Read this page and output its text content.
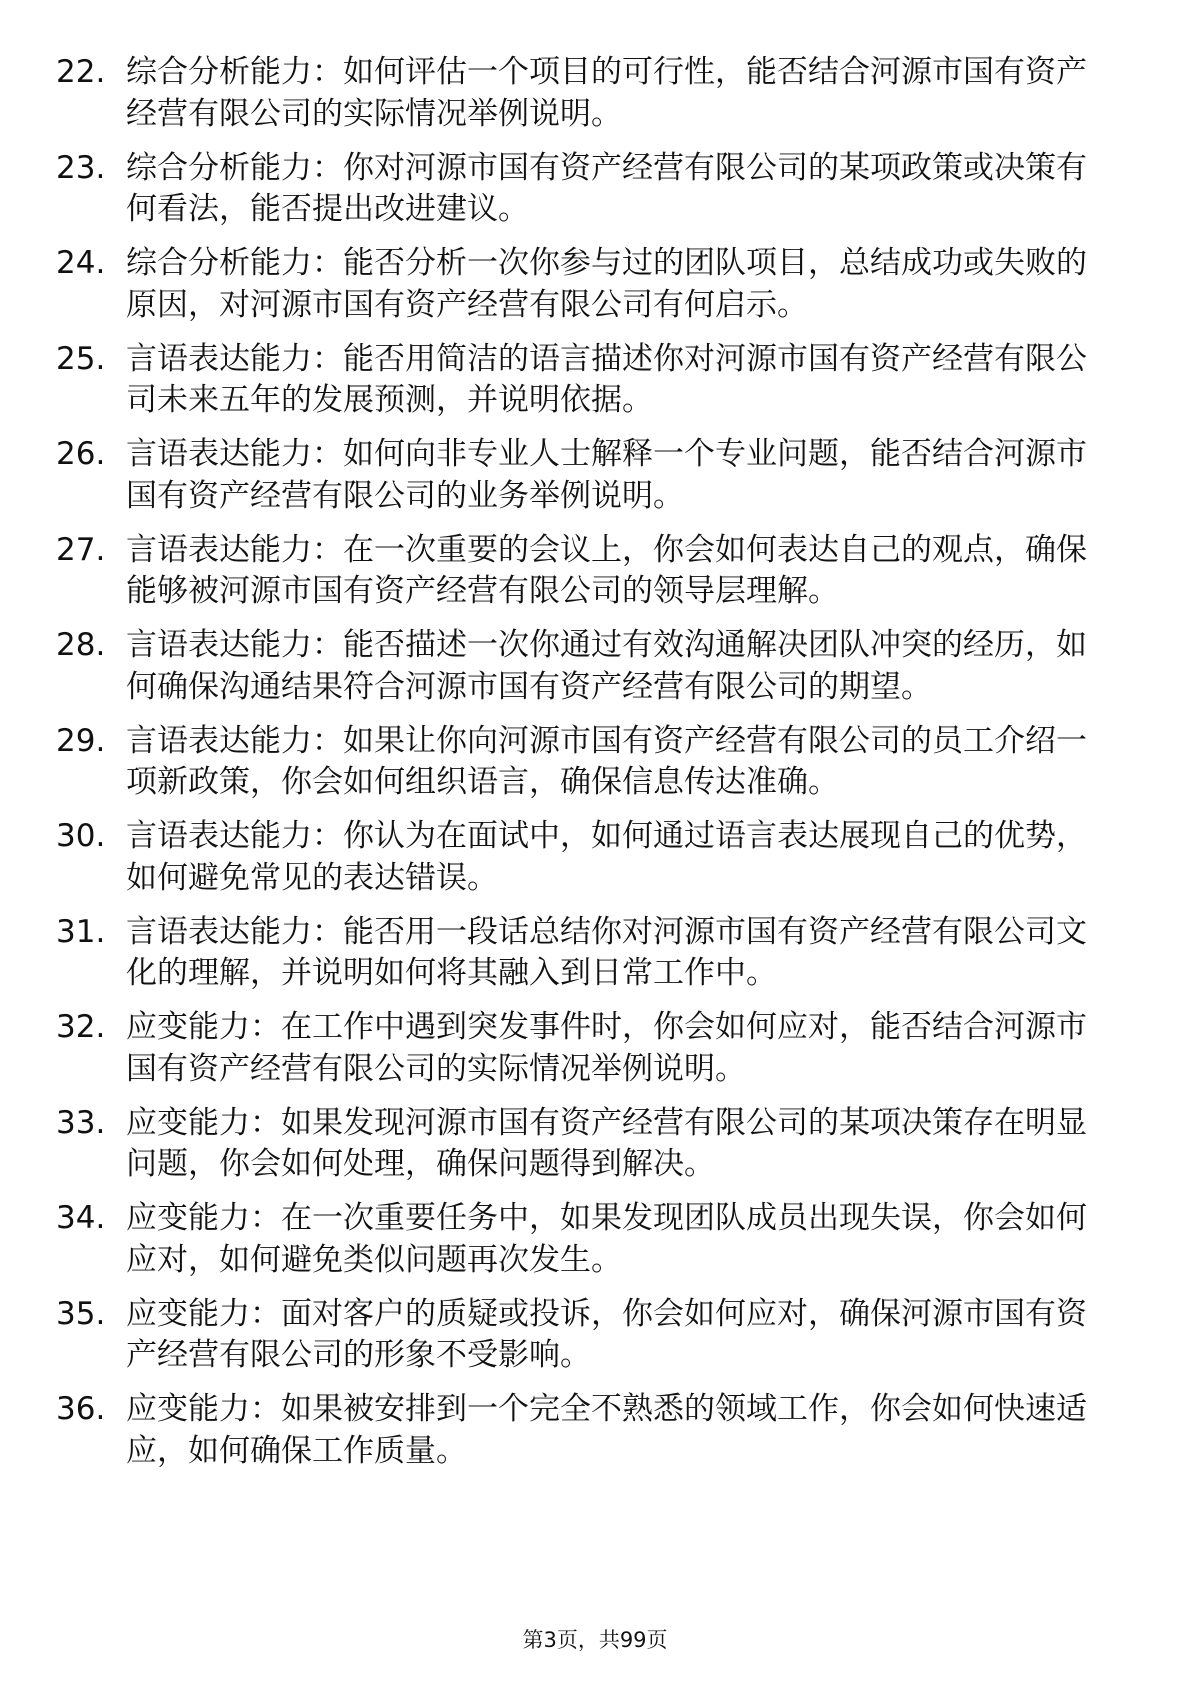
22. 综合分析能力：如何评估一个项目的可行性，能否结合河源市国有资产经营有限公司的实际情况举例说明。
23. 综合分析能力：你对河源市国有资产经营有限公司的某项政策或决策有何看法，能否提出改进建议。
24. 综合分析能力：能否分析一次你参与过的团队项目，总结成功或失败的原因，对河源市国有资产经营有限公司有何启示。
25. 言语表达能力：能否用简洁的语言描述你对河源市国有资产经营有限公司未来五年的发展预测，并说明依据。
26. 言语表达能力：如何向非专业人士解释一个专业问题，能否结合河源市国有资产经营有限公司的业务举例说明。
27. 言语表达能力：在一次重要的会议上，你会如何表达自己的观点，确保能够被河源市国有资产经营有限公司的领导层理解。
28. 言语表达能力：能否描述一次你通过有效沟通解决团队冲突的经历，如何确保沟通结果符合河源市国有资产经营有限公司的期望。
29. 言语表达能力：如果让你向河源市国有资产经营有限公司的员工介绍一项新政策，你会如何组织语言，确保信息传达准确。
30. 言语表达能力：你认为在面试中，如何通过语言表达展现自己的优势，如何避免常见的表达错误。
31. 言语表达能力：能否用一段话总结你对河源市国有资产经营有限公司文化的理解，并说明如何将其融入到日常工作中。
32. 应变能力：在工作中遇到突发事件时，你会如何应对，能否结合河源市国有资产经营有限公司的实际情况举例说明。
33. 应变能力：如果发现河源市国有资产经营有限公司的某项决策存在明显问题，你会如何处理，确保问题得到解决。
34. 应变能力：在一次重要任务中，如果发现团队成员出现失误，你会如何应对，如何避免类似问题再次发生。
35. 应变能力：面对客户的质疑或投诉，你会如何应对，确保河源市国有资产经营有限公司的形象不受影响。
36. 应变能力：如果被安排到一个完全不熟悉的领域工作，你会如何快速适应，如何确保工作质量。
第3页，共99页
